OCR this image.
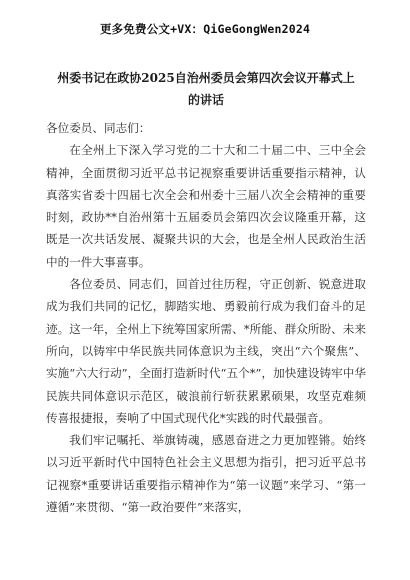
更多免费公文+VX：QiGeGongWen2024
州委书记在政协2025自治州委员会第四次会议开幕式上的讲话

各位委员、同志们：

在全州上下深入学习党的二十大和二十届二中、三中全会精神，全面贯彻习近平总书记视察重要讲话重要指示精神，认真落实省委十四届七次全会和州委十三届八次全会精神的重要时刻，政协**自治州第十五届委员会第四次会议隆重开幕，这既是一次共话发展、凝聚共识的大会，也是全州人民政治生活中的一件大事喜事。

各位委员、同志们，回首过往历程，守正创新、锐意进取成为我们共同的记忆，脚踏实地、勇毅前行成为我们奋斗的足迹。这一年，全州上下统筹国家所需、*所能、群众所盼、未来所向，以铸牢中华民族共同体意识为主线，突出“六个聚焦”、实施“六大行动”，全面打造新时代“五个*”，加快建设铸牢中华民族共同体意识示范区，破浪前行斩获累累硕果，攻坚克难频传喜报捷报，奏响了中国式现代化*实践的时代最强音。

我们牢记嘱托、举旗铸魂，感恩奋进之力更加铿锵。始终以习近平新时代中国特色社会主义思想为指引，把习近平总书记视察*重要讲话重要指示精神作为“第一议题”来学习、“第一遵循”来贯彻、“第一政治要件”来落实，
